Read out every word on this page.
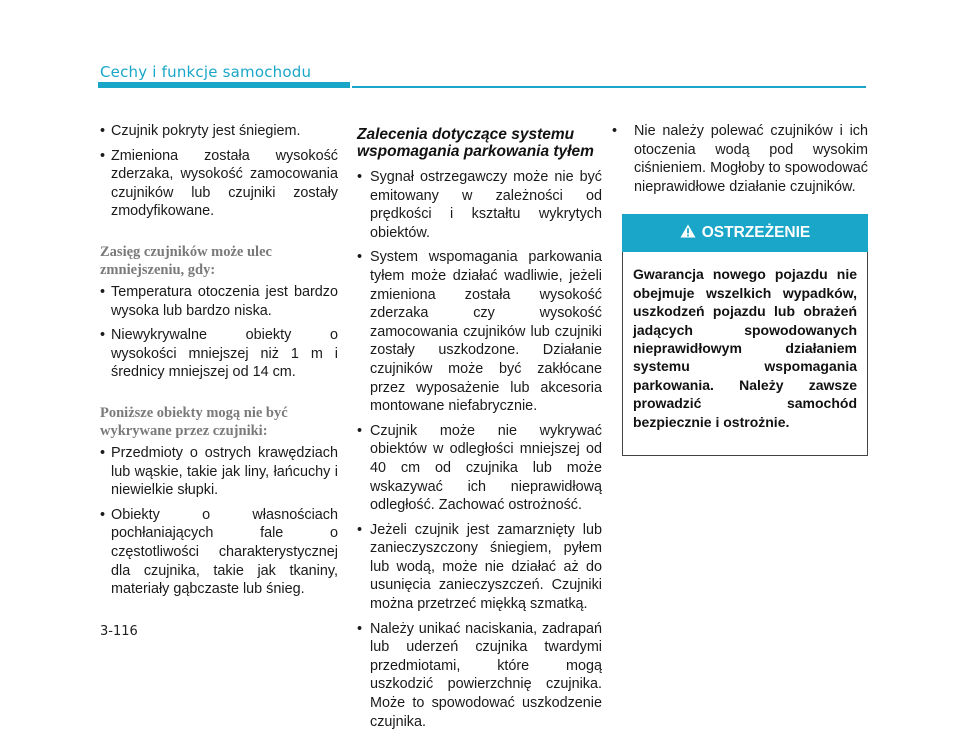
Cechy i funkcje samochodu
• Czujnik pokryty jest śniegiem.
• Zmieniona została wysokość zderzaka, wysokość zamocowania czujników lub czujniki zostały zmodyfikowane.
Zasięg czujników może ulec zmniejszeniu, gdy:
• Temperatura otoczenia jest bardzo wysoka lub bardzo niska.
• Niewykrywalne obiekty o wysokości mniejszej niż 1 m i średnicy mniejszej od 14 cm.
Poniższe obiekty mogą nie być wykrywane przez czujniki:
• Przedmioty o ostrych krawędziach lub wąskie, takie jak liny, łańcuchy i niewielkie słupki.
• Obiekty o własnościach pochłaniających fale o częstotliwości charakterystycznej dla czujnika, takie jak tkaniny, materiały gąbczaste lub śnieg.
Zalecenia dotyczące systemu wspomagania parkowania tyłem
• Sygnał ostrzegawczy może nie być emitowany w zależności od prędkości i kształtu wykrytych obiektów.
• System wspomagania parkowania tyłem może działać wadliwie, jeżeli zmieniona została wysokość zderzaka czy wysokość zamocowania czujników lub czujniki zostały uszkodzone. Działanie czujników może być zakłócane przez wyposażenie lub akcesoria montowane niefabrycznie.
• Czujnik może nie wykrywać obiektów w odległości mniejszej od 40 cm od czujnika lub może wskazywać ich nieprawidłową odległość. Zachować ostrożność.
• Jeżeli czujnik jest zamarznięty lub zanieczyszczony śniegiem, pyłem lub wodą, może nie działać aż do usunięcia zanieczyszczeń. Czujniki można przetrzeć miękką szmatką.
• Należy unikać naciskania, zadrapań lub uderzeń czujnika twardymi przedmiotami, które mogą uszkodzić powierzchnię czujnika. Może to spowodować uszkodzenie czujnika.
• Nie należy polewać czujników i ich otoczenia wodą pod wysokim ciśnieniem. Mogłoby to spowodować nieprawidłowe działanie czujników.
OSTRZEŻENIE
Gwarancja nowego pojazdu nie obejmuje wszelkich wypadków, uszkodzeń pojazdu lub obrażeń jadących spowodowanych nieprawidłowym działaniem systemu wspomagania parkowania. Należy zawsze prowadzić samochód bezpiecznie i ostrożnie.
3-116
